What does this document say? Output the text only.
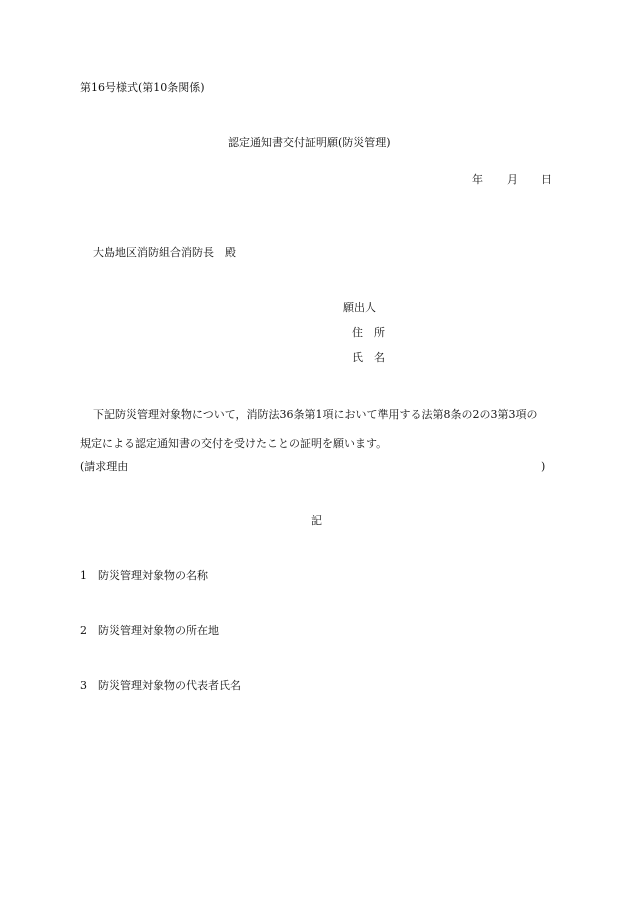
第16号様式(第10条関係)
認定通知書交付証明願(防災管理)
年 月 日
大島地区消防組合消防長　殿
願出人
住　所
氏　名
下記防災管理対象物について，消防法36条第1項において準用する法第8条の2の3第3項の
規定による認定通知書の交付を受けたことの証明を願います。
(請求理由	)
記
1 防災管理対象物の名称
2 防災管理対象物の所在地
3 防災管理対象物の代表者氏名
